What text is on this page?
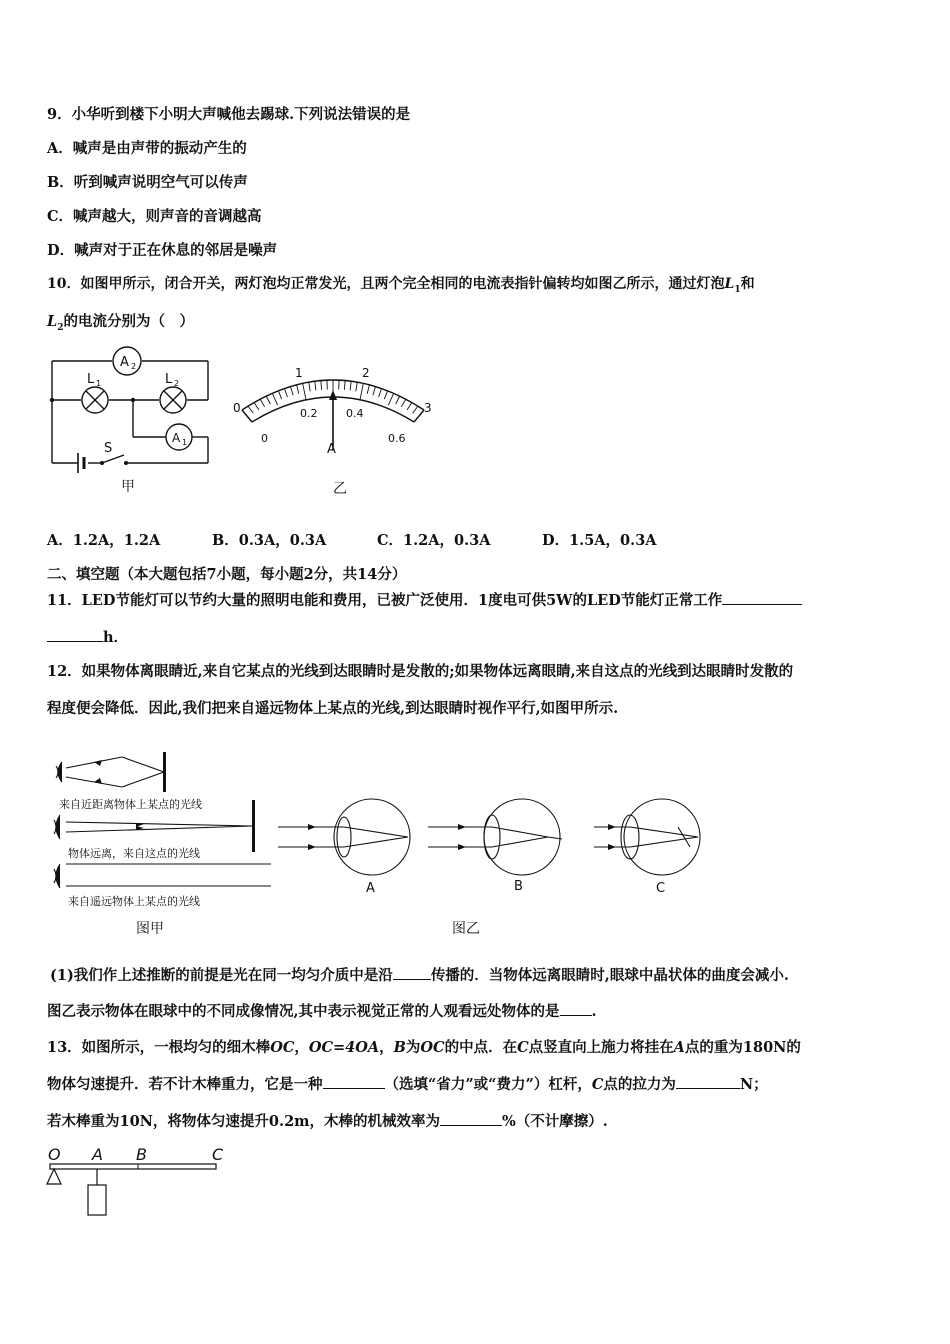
9．小华听到楼下小明大声喊他去踢球.下列说法错误的是
A．喊声是由声带的振动产生的
B．听到喊声说明空气可以传声
C．喊声越大，则声音的音调越高
D．喊声对于正在休息的邻居是噪声
10．如图甲所示，闭合开关，两灯泡均正常发光，且两个完全相同的电流表指针偏转均如图乙所示，通过灯泡$L_1$和
$L_2$的电流分别为（　）
A 2
A 1
L 1	L 2
S
甲
0
1	2
3
0
0.2	0.4
0.6
A
乙
A．1.2A，1.2A	B．0.3A，0.3A	C．1.2A，0.3A	D．1.5A，0.3A
二、填空题（本大题包括7小题，每小题2分，共14分）
11．LED节能灯可以节约大量的照明电能和费用，已被广泛使用．1度电可供5W的LED节能灯正常工作
h．
12．如果物体离眼睛近,来自它某点的光线到达眼睛时是发散的;如果物体远离眼睛,来自这点的光线到达眼睛时发散的
程度便会降低．因此,我们把来自遥远物体上某点的光线,到达眼睛时视作平行,如图甲所示.
来自近距离物体上某点的光线
物体远离，来自这点的光线
来自遥远物体上某点的光线
图甲
A	B	C
图乙
(1)我们作上述推断的前提是光在同一均匀介质中是沿	传播的．当物体远离眼睛时,眼球中晶状体的曲度会减小.
图乙表示物体在眼球中的不同成像情况,其中表示视觉正常的人观看远处物体的是 .
13．如图所示，一根均匀的细木棒OC，OC=4OA，B为OC的中点．在C点竖直向上施力将挂在A点的重为180N的
物体匀速提升．若不计木棒重力，它是一种	（选填“省力”或“费力”）杠杆，C点的拉力为	N；
若木棒重为10N，将物体匀速提升0.2m，木棒的机械效率为	%（不计摩擦）.
O A B	C
